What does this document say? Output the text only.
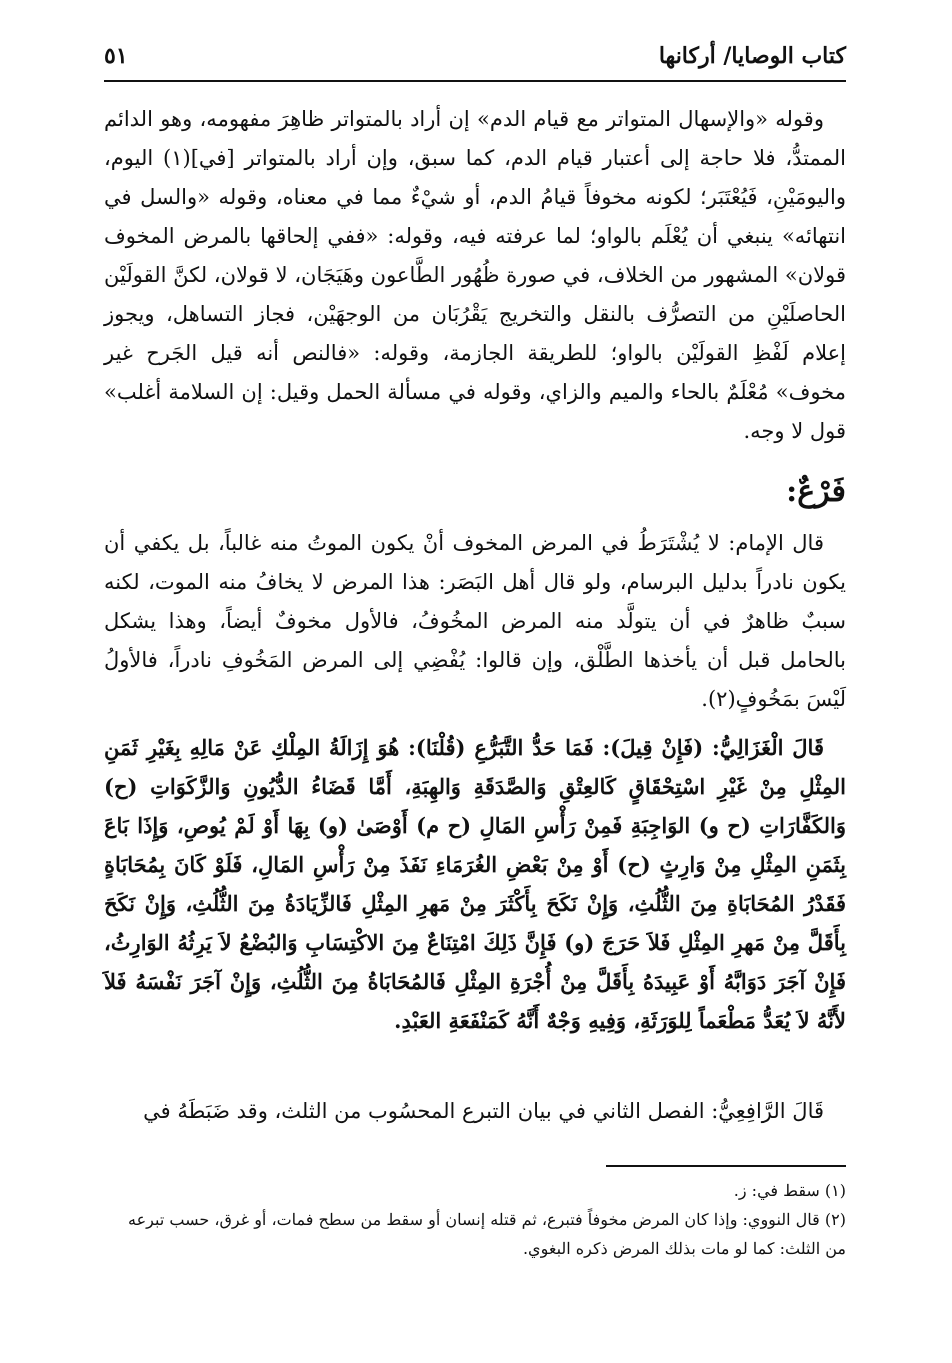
كتاب الوصايا/ أركانها
٥١

وقوله «والإسهال المتواتر مع قيام الدم» إن أراد بالمتواتر ظاهِرَ مفهومه، وهو الدائم الممتدُّ، فلا حاجة إلى أعتبار قيام الدم، كما سبق، وإن أراد بالمتواتر [في](١) اليوم، واليومَيْنِ، فَيُعْتَبَر؛ لكونه مخوفاً قيامُ الدم، أو شيْءٌ مما في معناه، وقوله «والسل في انتهائه» ينبغي أن يُعْلَم بالواو؛ لما عرفته فيه، وقوله: «ففي إلحاقها بالمرض المخوف قولان» المشهور من الخلاف، في صورة ظُهُور الطَّاعون وهَيَجَان، لا قولان، لكنَّ القولَيْن الحاصلَيْنِ من التصرُّف بالنقل والتخريج يَقْرُبَان من الوجهَيْن، فجاز التساهل، ويجوز إعلام لَفْظِ القولَيْن بالواو؛ للطريقة الجازمة، وقوله: «فالنص أنه قيل الجَرح غير مخوف» مُعْلَمٌ بالحاء والميم والزاي، وقوله في مسألة الحمل وقيل: إن السلامة أغلب» قول لا وجه.

فَرْعٌ:

قال الإمام: لا يُشْتَرَطُ في المرض المخوف أنْ يكون الموتُ منه غالباً، بل يكفي أن يكون نادراً بدليل البرسام، ولو قال أهل البَصَر: هذا المرض لا يخافُ منه الموت، لكنه سببٌ ظاهرٌ في أن يتولَّد منه المرض المخُوفُ، فالأول مخوفٌ أيضاً، وهذا يشكل بالحامل قبل أن يأخذها الطَّلْق، وإن قالوا: يُفْضِي إلى المرض المَخُوفِ نادراً، فالأولُ لَيْسَ بمَخُوفٍ(٢).

قَالَ الْغَزَالِيُّ: (فَإِنْ قِيلَ): فَمَا حَدُّ التَّبَرُّعِ (قُلْنَا): هُوَ إِزَالَةُ المِلْكِ عَنْ مَالِهِ بِغَيْرِ ثَمَنِ المِثْلِ مِنْ غَيْرِ اسْتِحْقَاقٍ كَالعِتْقِ وَالصَّدَقَةِ وَالهِبَةِ، أَمَّا قَضَاءُ الدُّيُونِ وَالزَّكَوَاتِ (ح) وَالكَفَّارَاتِ (ح و) الوَاجِبَةِ فَمِنْ رَأْسِ المَالِ (ح م) أَوْصَىٰ (و) بِهَا أَوْ لَمْ يُوصِ، وَإِذَا بَاعَ بِثَمَنِ المِثْلِ مِنْ وَارِثٍ (ح) أَوْ مِنْ بَعْضِ الغُرَمَاءِ نَفَذَ مِنْ رَأْسِ المَالِ، فَلَوْ كَانَ بِمُحَابَاةٍ فَقَدْرُ المُحَابَاةِ مِنَ الثُّلُثِ، وَإِنْ نَكَحَ بِأَكْثَرَ مِنْ مَهرِ المِثْلِ فَالزِّيَادَةُ مِنَ الثُّلُثِ، وَإِنْ نَكَحَ بِأَقَلَّ مِنْ مَهرِ المِثْلِ فَلاَ حَرَجَ (و) فَإِنَّ ذَلِكَ امْتِنَاعٌ مِنَ الاكْتِسَابِ وَالبُضْعُ لاَ يَرِثُهُ الوَارِثُ، فَإِنْ آجَرَ دَوَابَّهُ أَوْ عَبِيدَهُ بِأَقَلَّ مِنْ أُجْرَةِ المِثْلِ فَالمُحَابَاةُ مِنَ الثُّلُثِ، وَإِنْ آجَرَ نَفْسَهُ فَلاَ لأَنَّهُ لاَ يُعَدُّ مَطْعَماً لِلوَرَثَةِ، وَفِيهِ وَجْهٌ أَنَّهُ كَمَنْفَعَةِ العَبْدِ.

قَالَ الرَّافِعِيُّ: الفصل الثاني في بيان التبرع المحسُوب من الثلث، وقد ضَبَطَهُ في

(١) سقط في: ز.

(٢) قال النووي: وإذا كان المرض مخوفاً فتبرع، ثم قتله إنسان أو سقط من سطح فمات، أو غرق، حسب تبرعه من الثلث: كما لو مات بذلك المرض ذكره البغوي.
